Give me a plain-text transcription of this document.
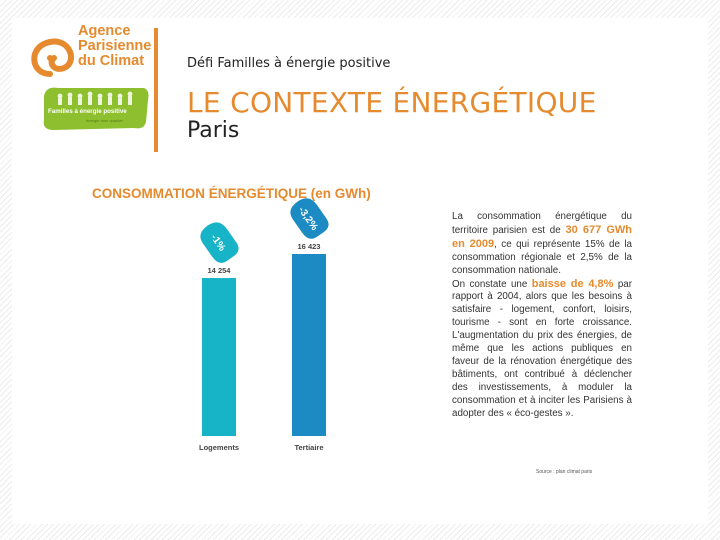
Agence
Parisienne
du Climat
Familles à énergie positive
énergie mon quartier
Défi Familles à énergie positive
LE CONTEXTE ÉNERGÉTIQUE
Paris
CONSOMMATION ÉNERGÉTIQUE (en GWh)
14 254
Logements
-1%	16 423
Tertiaire
-3,2%	La consommation énergétique du territoire parisien est de 30 677 GWh en 2009, ce qui représente 15% de la consommation régionale et 2,5% de la consommation nationale.
On constate une baisse de 4,8% par rapport à 2004, alors que les besoins à satisfaire - logement, confort, loisirs, tourisme - sont en forte croissance. L'augmentation du prix des énergies, de même que les actions publiques en faveur de la rénovation énergétique des bâtiments, ont contribué à déclencher des investissements, à moduler la consommation et à inciter les Parisiens à adopter des « éco-gestes ».
Source : plan climat paris
